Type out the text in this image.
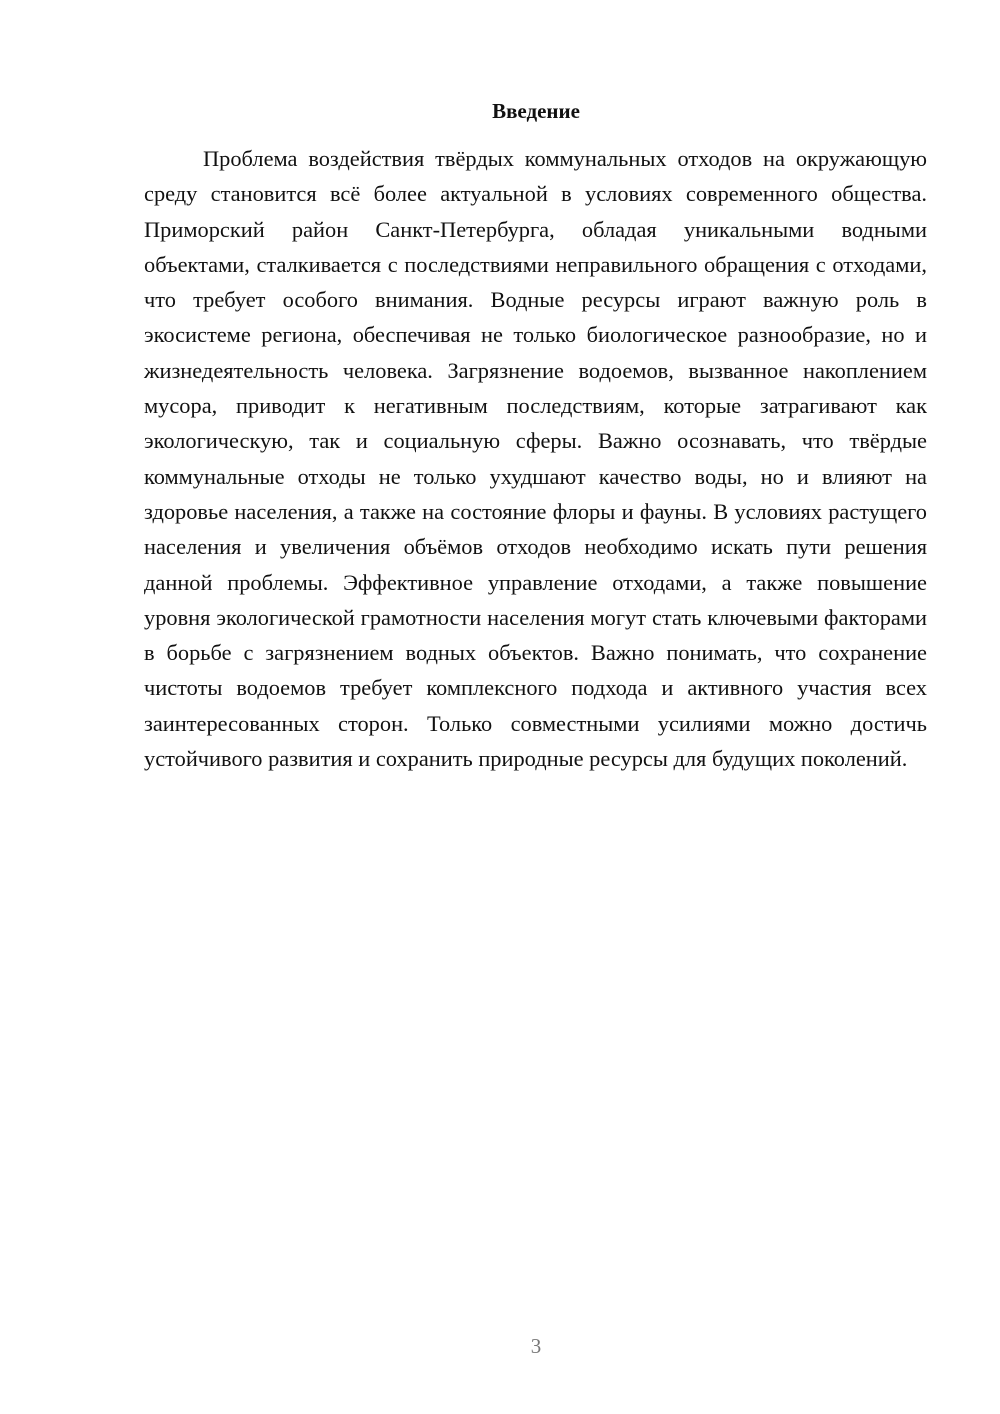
Введение

Проблема воздействия твёрдых коммунальных отходов на окружающую среду становится всё более актуальной в условиях современного общества. Приморский район Санкт-Петербурга, обладая уникальными водными объектами, сталкивается с последствиями неправильного обращения с отходами, что требует особого внимания. Водные ресурсы играют важную роль в экосистеме региона, обеспечивая не только биологическое разнообразие, но и жизнедеятельность человека. Загрязнение водоемов, вызванное накоплением мусора, приводит к негативным последствиям, которые затрагивают как экологическую, так и социальную сферы. Важно осознавать, что твёрдые коммунальные отходы не только ухудшают качество воды, но и влияют на здоровье населения, а также на состояние флоры и фауны. В условиях растущего населения и увеличения объёмов отходов необходимо искать пути решения данной проблемы. Эффективное управление отходами, а также повышение уровня экологической грамотности населения могут стать ключевыми факторами в борьбе с загрязнением водных объектов. Важно понимать, что сохранение чистоты водоемов требует комплексного подхода и активного участия всех заинтересованных сторон. Только совместными усилиями можно достичь устойчивого развития и сохранить природные ресурсы для будущих поколений.

3
